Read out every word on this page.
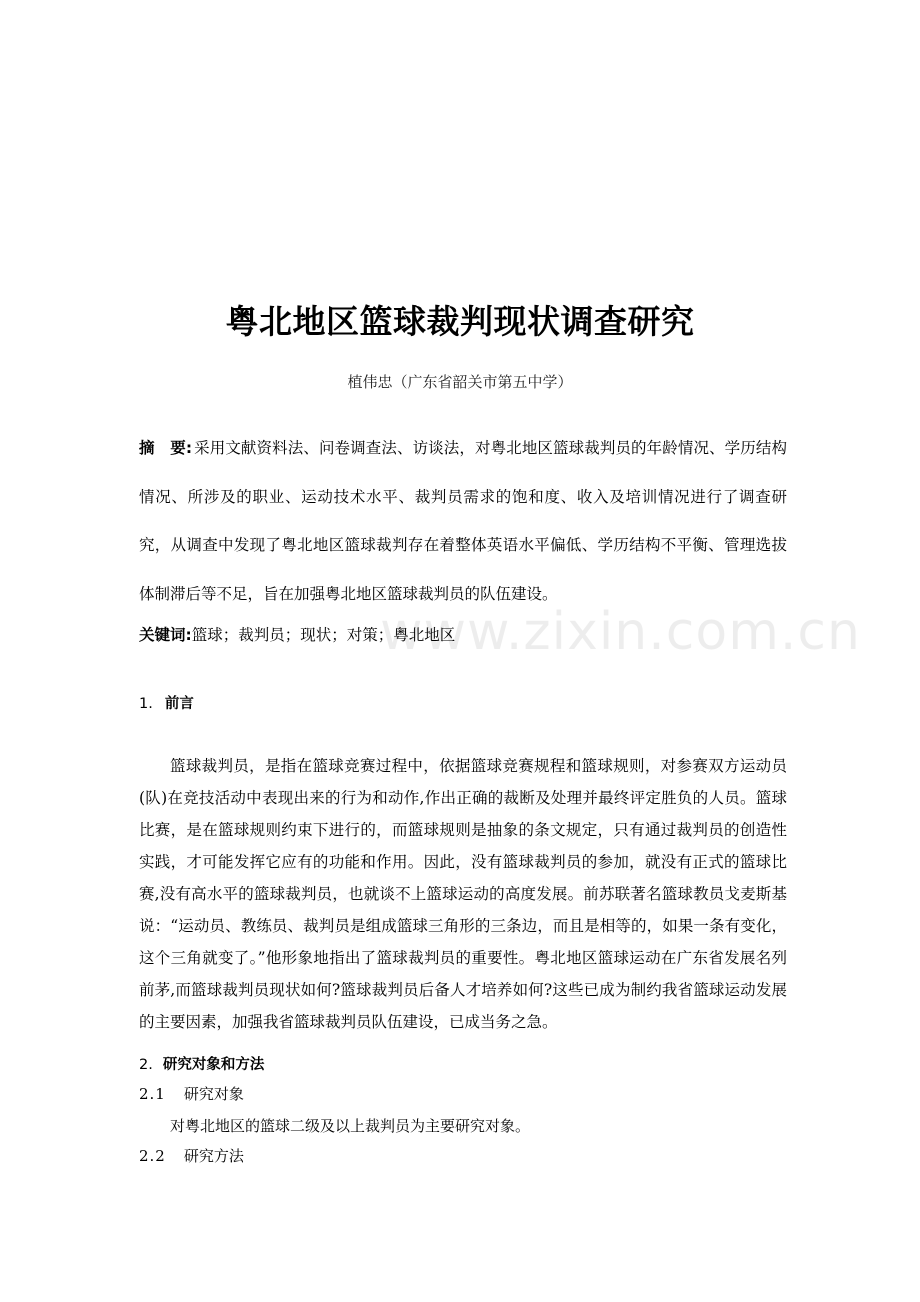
粤北地区篮球裁判现状调查研究

植伟忠（广东省韶关市第五中学）

摘　要: 采用文献资料法、问卷调查法、访谈法，对粤北地区篮球裁判员的年龄情况、学历结构情况、所涉及的职业、运动技术水平、裁判员需求的饱和度、收入及培训情况进行了调查研究，从调查中发现了粤北地区篮球裁判存在着整体英语水平偏低、学历结构不平衡、管理选拔体制滞后等不足，旨在加强粤北地区篮球裁判员的队伍建设。

关键词:篮球；裁判员；现状；对策；粤北地区

1. 前言

篮球裁判员，是指在篮球竞赛过程中，依据篮球竞赛规程和篮球规则，对参赛双方运动员(队)在竞技活动中表现出来的行为和动作,作出正确的裁断及处理并最终评定胜负的人员。篮球比赛，是在篮球规则约束下进行的，而篮球规则是抽象的条文规定，只有通过裁判员的创造性实践，才可能发挥它应有的功能和作用。因此，没有篮球裁判员的参加，就没有正式的篮球比赛,没有高水平的篮球裁判员，也就谈不上篮球运动的高度发展。前苏联著名篮球教员戈麦斯基说：“运动员、教练员、裁判员是组成篮球三角形的三条边，而且是相等的，如果一条有变化，这个三角就变了。”他形象地指出了篮球裁判员的重要性。粤北地区篮球运动在广东省发展名列前茅,而篮球裁判员现状如何?篮球裁判员后备人才培养如何?这些已成为制约我省篮球运动发展的主要因素，加强我省篮球裁判员队伍建设，已成当务之急。

2. 研究对象和方法
2.1 研究对象

对粤北地区的篮球二级及以上裁判员为主要研究对象。

2.2 研究方法
www.zixin.com.cn
